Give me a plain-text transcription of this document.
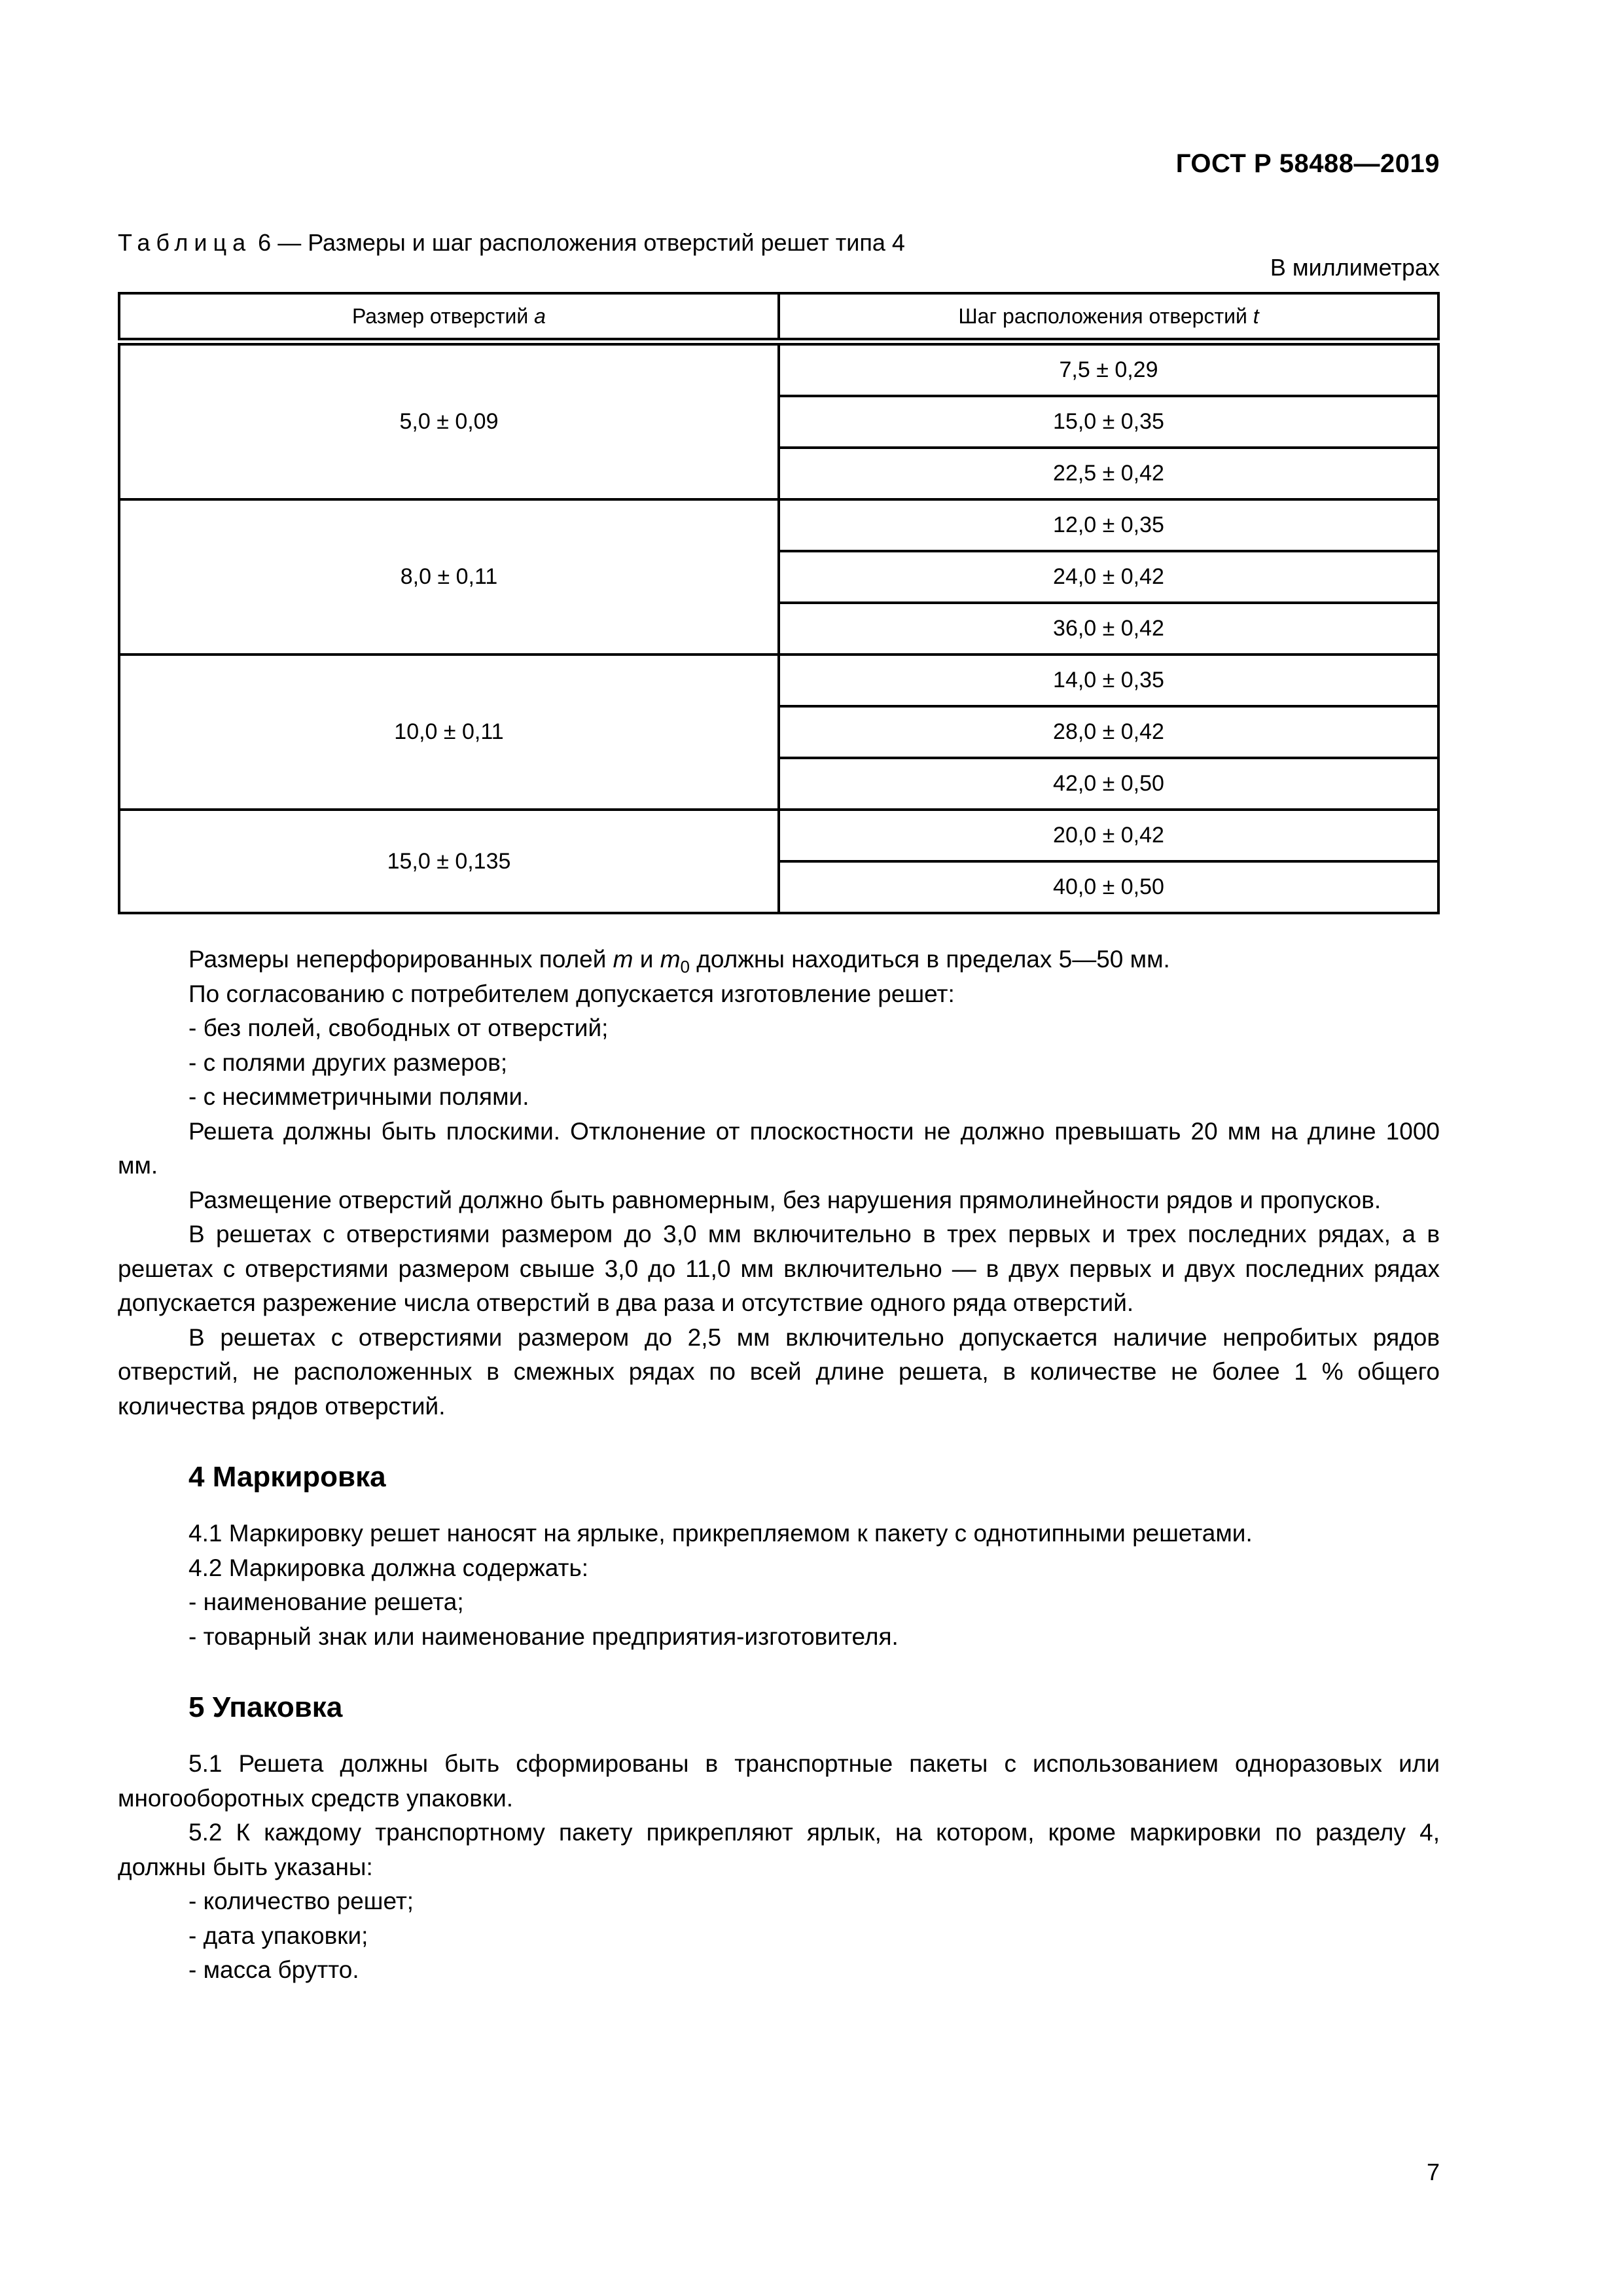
ГОСТ Р 58488—2019
Таблица 6 — Размеры и шаг расположения отверстий решет типа 4
В миллиметрах
Размер отверстий a	Шаг расположения отверстий t
5,0 ± 0,09	7,5 ± 0,29
	15,0 ± 0,35
	22,5 ± 0,42
8,0 ± 0,11	12,0 ± 0,35
	24,0 ± 0,42
	36,0 ± 0,42
10,0 ± 0,11	14,0 ± 0,35
	28,0 ± 0,42
	42,0 ± 0,50
15,0 ± 0,135	20,0 ± 0,42
	40,0 ± 0,50

Размеры неперфорированных полей m и $m_0$ должны находиться в пределах 5—50 мм.

По согласованию с потребителем допускается изготовление решет:

- без полей, свободных от отверстий;

- с полями других размеров;

- с несимметричными полями.

Решета должны быть плоскими. Отклонение от плоскостности не должно превышать 20 мм на длине 1000 мм.

Размещение отверстий должно быть равномерным, без нарушения прямолинейности рядов и пропусков.

В решетах с отверстиями размером до 3,0 мм включительно в трех первых и трех последних рядах, а в решетах с отверстиями размером свыше 3,0 до 11,0 мм включительно — в двух первых и двух последних рядах допускается разрежение числа отверстий в два раза и отсутствие одного ряда отверстий.

В решетах с отверстиями размером до 2,5 мм включительно допускается наличие непробитых рядов отверстий, не расположенных в смежных рядах по всей длине решета, в количестве не более 1 % общего количества рядов отверстий.

4 Маркировка

4.1 Маркировку решет наносят на ярлыке, прикрепляемом к пакету с однотипными решетами.

4.2 Маркировка должна содержать:

- наименование решета;

- товарный знак или наименование предприятия-изготовителя.

5 Упаковка

5.1 Решета должны быть сформированы в транспортные пакеты с использованием одноразовых или многооборотных средств упаковки.

5.2 К каждому транспортному пакету прикрепляют ярлык, на котором, кроме маркировки по разделу 4, должны быть указаны:

- количество решет;

- дата упаковки;

- масса брутто.

7
